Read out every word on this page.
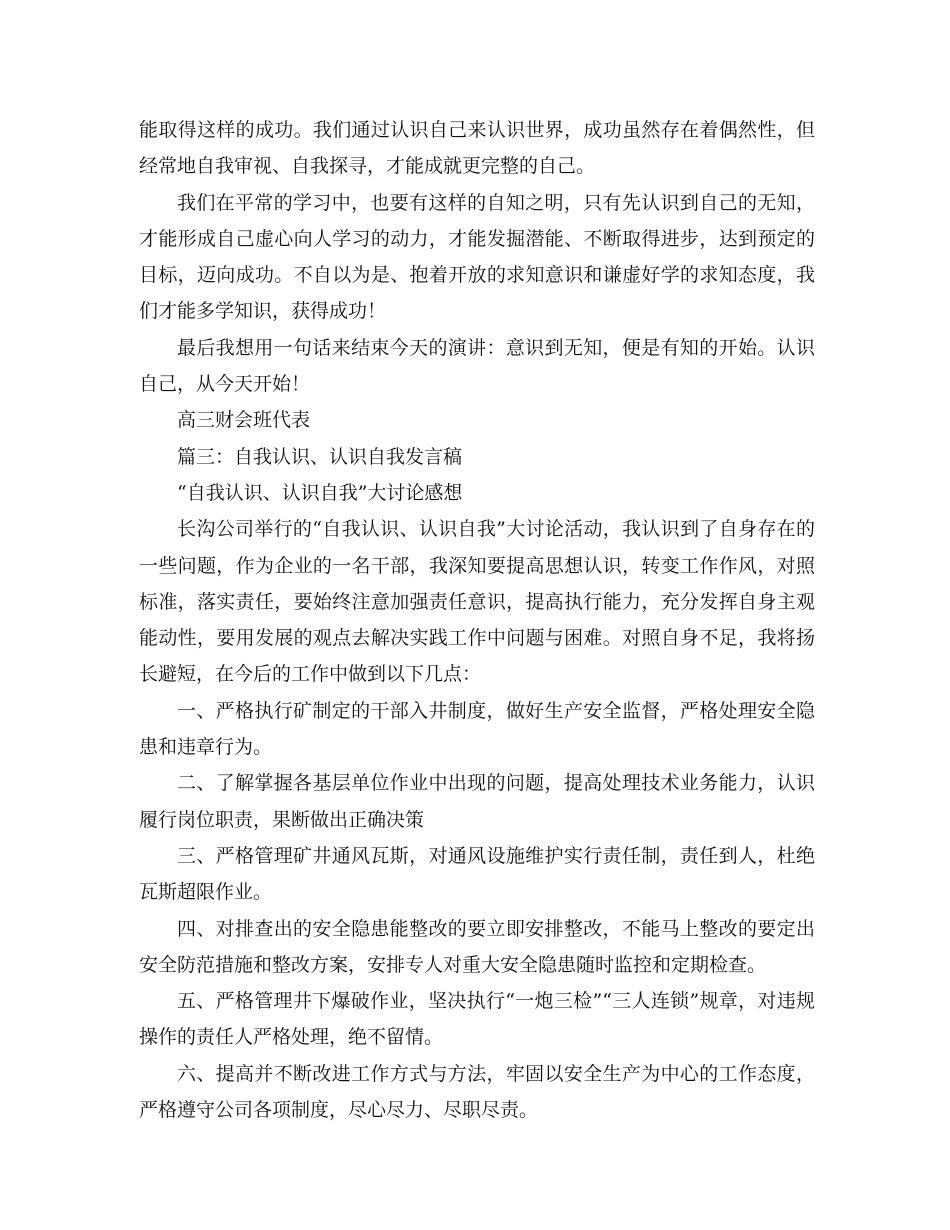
能取得这样的成功。我们通过认识自己来认识世界，成功虽然存在着偶然性，但经常地自我审视、自我探寻，才能成就更完整的自己。

我们在平常的学习中，也要有这样的自知之明，只有先认识到自己的无知，才能形成自己虚心向人学习的动力，才能发掘潜能、不断取得进步，达到预定的目标，迈向成功。不自以为是、抱着开放的求知意识和谦虚好学的求知态度，我们才能多学知识，获得成功！

最后我想用一句话来结束今天的演讲：意识到无知，便是有知的开始。认识自己，从今天开始！

高三财会班代表

篇三：自我认识、认识自我发言稿

“自我认识、认识自我”大讨论感想

长沟公司举行的“自我认识、认识自我”大讨论活动，我认识到了自身存在的一些问题，作为企业的一名干部，我深知要提高思想认识，转变工作作风，对照标准，落实责任，要始终注意加强责任意识，提高执行能力，充分发挥自身主观能动性，要用发展的观点去解决实践工作中问题与困难。对照自身不足，我将扬长避短，在今后的工作中做到以下几点：

一、严格执行矿制定的干部入井制度，做好生产安全监督，严格处理安全隐患和违章行为。

二、了解掌握各基层单位作业中出现的问题，提高处理技术业务能力，认识履行岗位职责，果断做出正确决策

三、严格管理矿井通风瓦斯，对通风设施维护实行责任制，责任到人，杜绝瓦斯超限作业。

四、对排查出的安全隐患能整改的要立即安排整改，不能马上整改的要定出安全防范措施和整改方案，安排专人对重大安全隐患随时监控和定期检查。

五、严格管理井下爆破作业，坚决执行“一炮三检”“三人连锁”规章，对违规操作的责任人严格处理，绝不留情。

六、提高并不断改进工作方式与方法，牢固以安全生产为中心的工作态度，严格遵守公司各项制度，尽心尽力、尽职尽责。
